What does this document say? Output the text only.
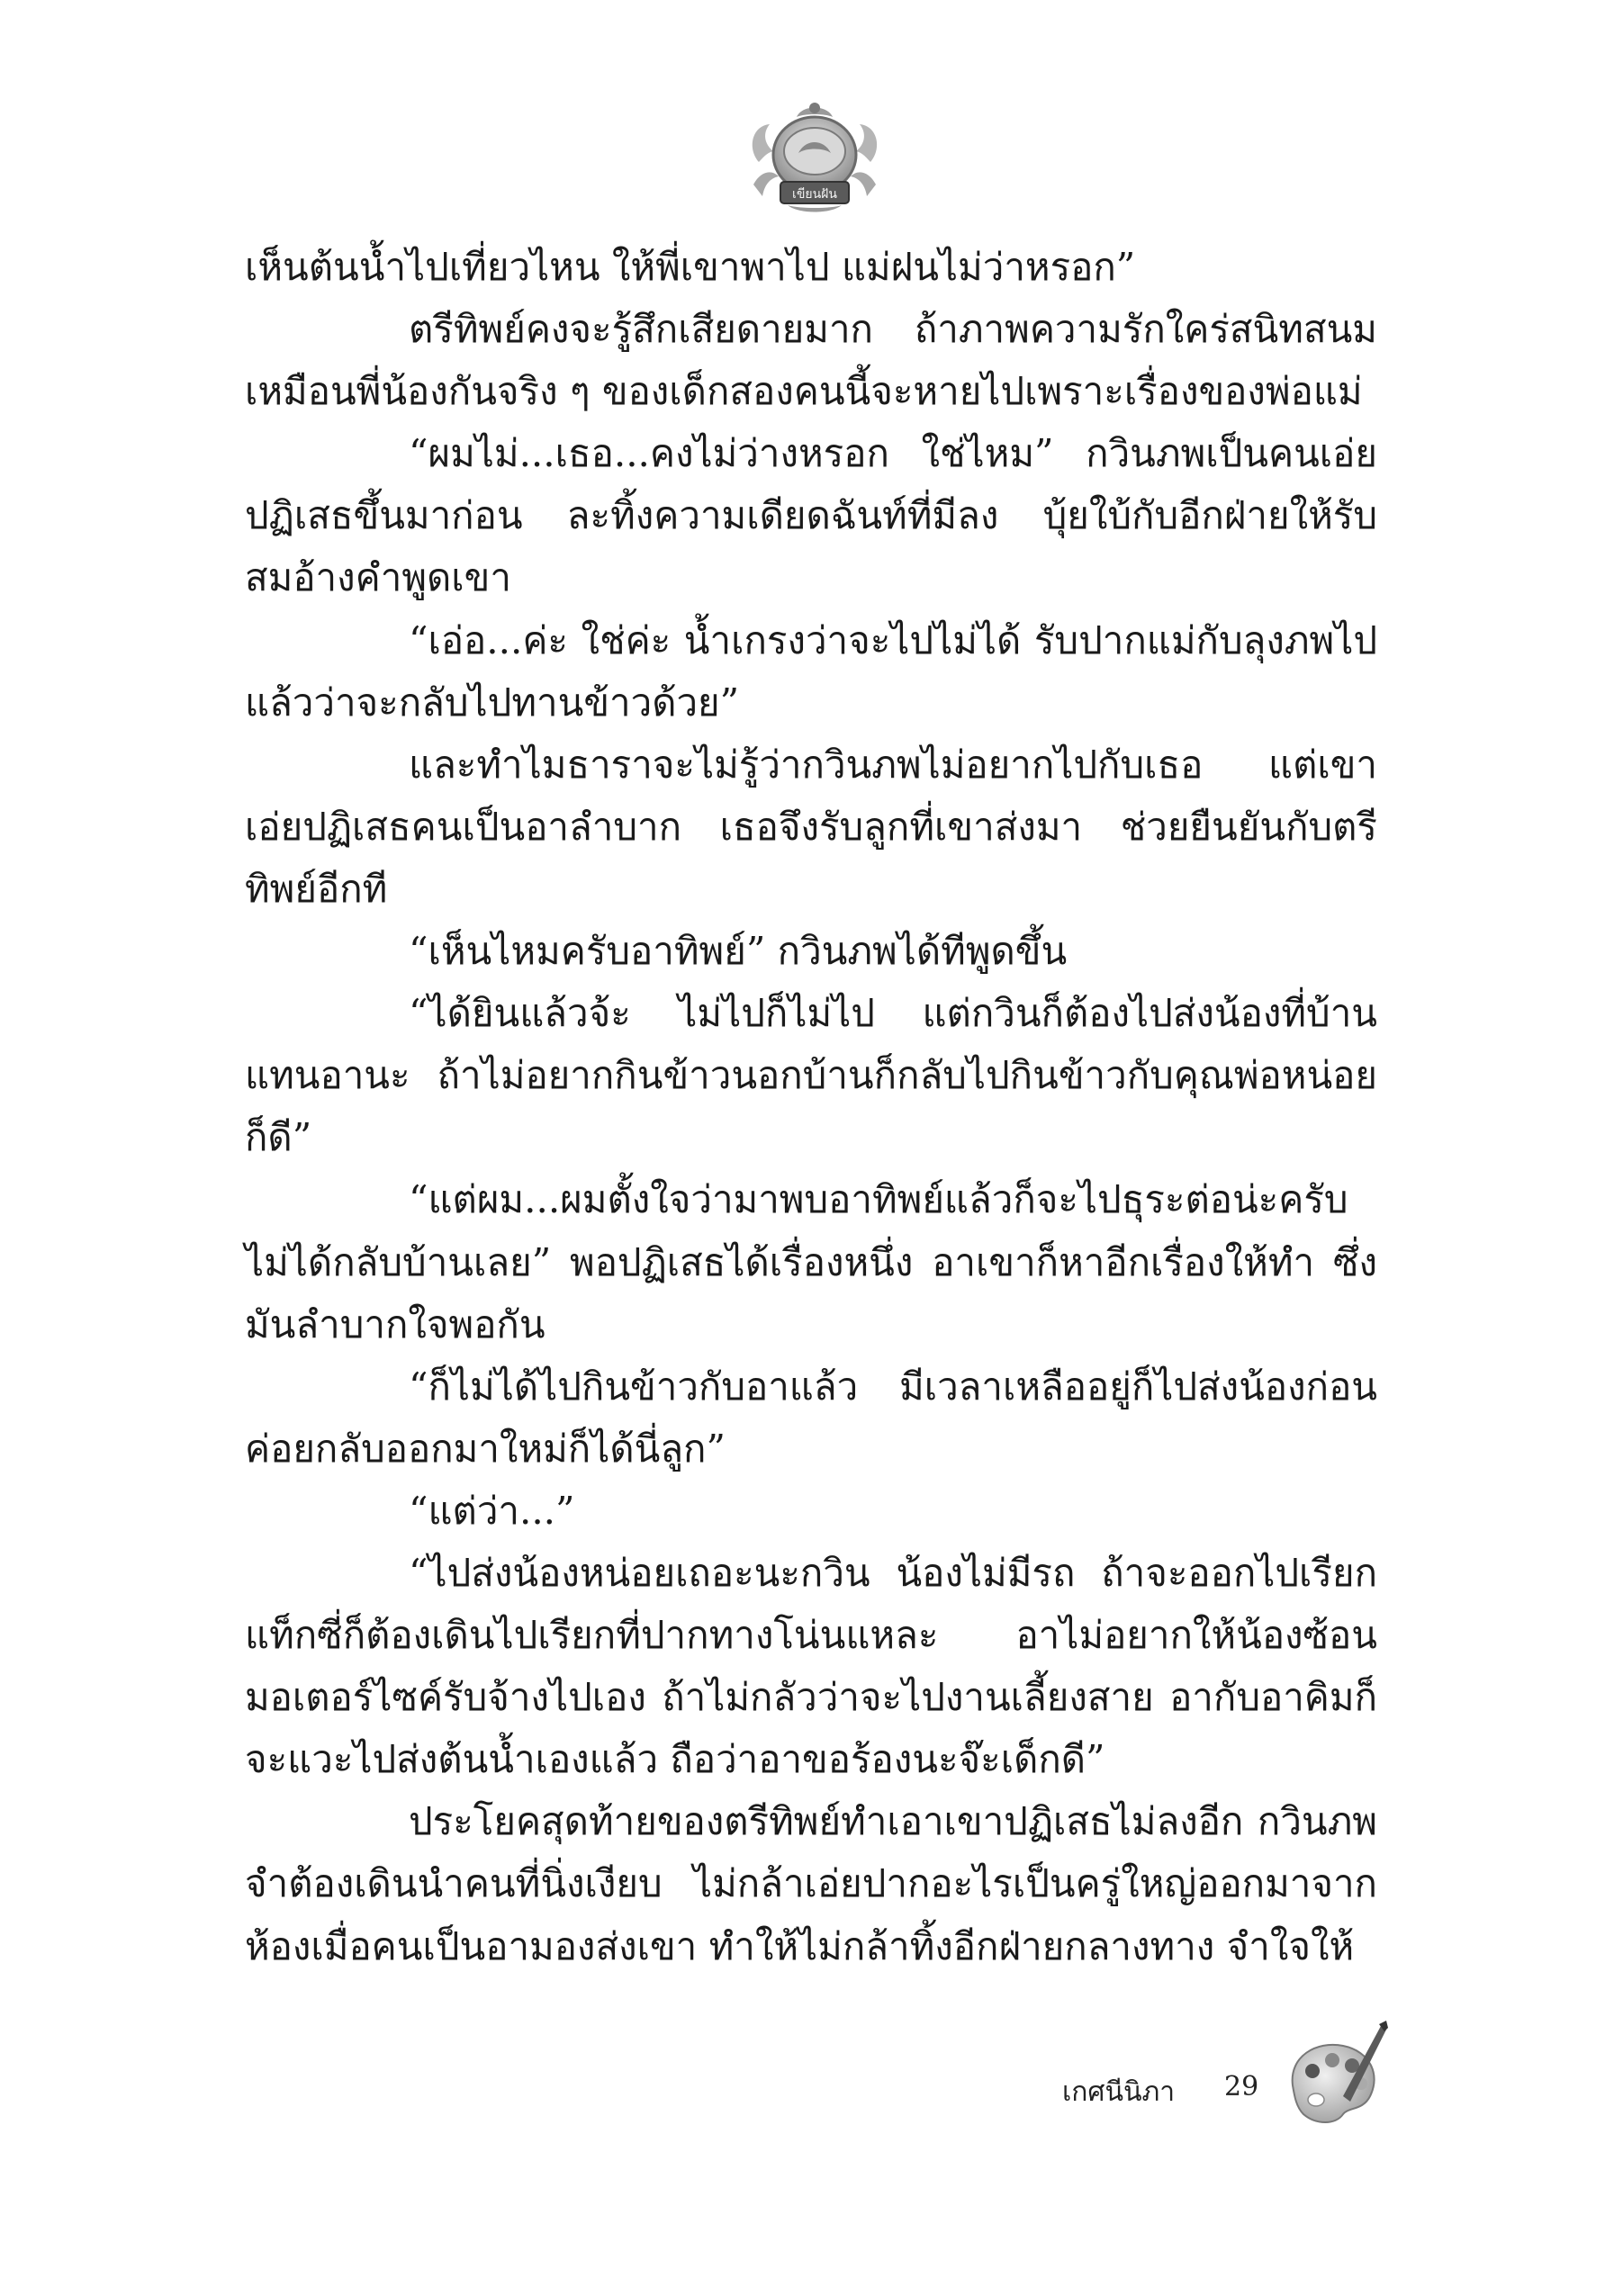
เขียนฝัน

เห็นต้นน้ำไปเที่ยวไหน ให้พี่เขาพาไป แม่ฝนไม่ว่าหรอก”

ตรีทิพย์คงจะรู้สึกเสียดายมาก ถ้าภาพความรักใคร่สนิทสนมเหมือนพี่น้องกันจริง ๆ ของเด็กสองคนนี้จะหายไปเพราะเรื่องของพ่อแม่

“ผมไม่...เธอ...คงไม่ว่างหรอก ใช่ไหม” กวินภพเป็นคนเอ่ยปฏิเสธขึ้นมาก่อน ละทิ้งความเดียดฉันท์ที่มีลง บุ้ยใบ้กับอีกฝ่ายให้รับสมอ้างคำพูดเขา

“เอ่อ...ค่ะ ใช่ค่ะ น้ำเกรงว่าจะไปไม่ได้ รับปากแม่กับลุงภพไปแล้วว่าจะกลับไปทานข้าวด้วย”

และทำไมธาราจะไม่รู้ว่ากวินภพไม่อยากไปกับเธอ แต่เขาเอ่ยปฏิเสธคนเป็นอาลำบาก เธอจึงรับลูกที่เขาส่งมา ช่วยยืนยันกับตรีทิพย์อีกที

“เห็นไหมครับอาทิพย์” กวินภพได้ทีพูดขึ้น

“ได้ยินแล้วจ้ะ ไม่ไปก็ไม่ไป แต่กวินก็ต้องไปส่งน้องที่บ้านแทนอานะ ถ้าไม่อยากกินข้าวนอกบ้านก็กลับไปกินข้าวกับคุณพ่อหน่อยก็ดี”

“แต่ผม...ผมตั้งใจว่ามาพบอาทิพย์แล้วก็จะไปธุระต่อน่ะครับไม่ได้กลับบ้านเลย” พอปฏิเสธได้เรื่องหนึ่ง อาเขาก็หาอีกเรื่องให้ทำ ซึ่งมันลำบากใจพอกัน

“ก็ไม่ได้ไปกินข้าวกับอาแล้ว มีเวลาเหลืออยู่ก็ไปส่งน้องก่อนค่อยกลับออกมาใหม่ก็ได้นี่ลูก”

“แต่ว่า...”

“ไปส่งน้องหน่อยเถอะนะกวิน น้องไม่มีรถ ถ้าจะออกไปเรียกแท็กซี่ก็ต้องเดินไปเรียกที่ปากทางโน่นแหละ อาไม่อยากให้น้องซ้อนมอเตอร์ไซค์รับจ้างไปเอง ถ้าไม่กลัวว่าจะไปงานเลี้ยงสาย อากับอาคิมก็จะแวะไปส่งต้นน้ำเองแล้ว ถือว่าอาขอร้องนะจ๊ะเด็กดี”

ประโยคสุดท้ายของตรีทิพย์ทำเอาเขาปฏิเสธไม่ลงอีก กวินภพจำต้องเดินนำคนที่นิ่งเงียบ ไม่กล้าเอ่ยปากอะไรเป็นครู่ใหญ่ออกมาจากห้องเมื่อคนเป็นอามองส่งเขา ทำให้ไม่กล้าทิ้งอีกฝ่ายกลางทาง จำใจให้

เกศนีนิภา 29
